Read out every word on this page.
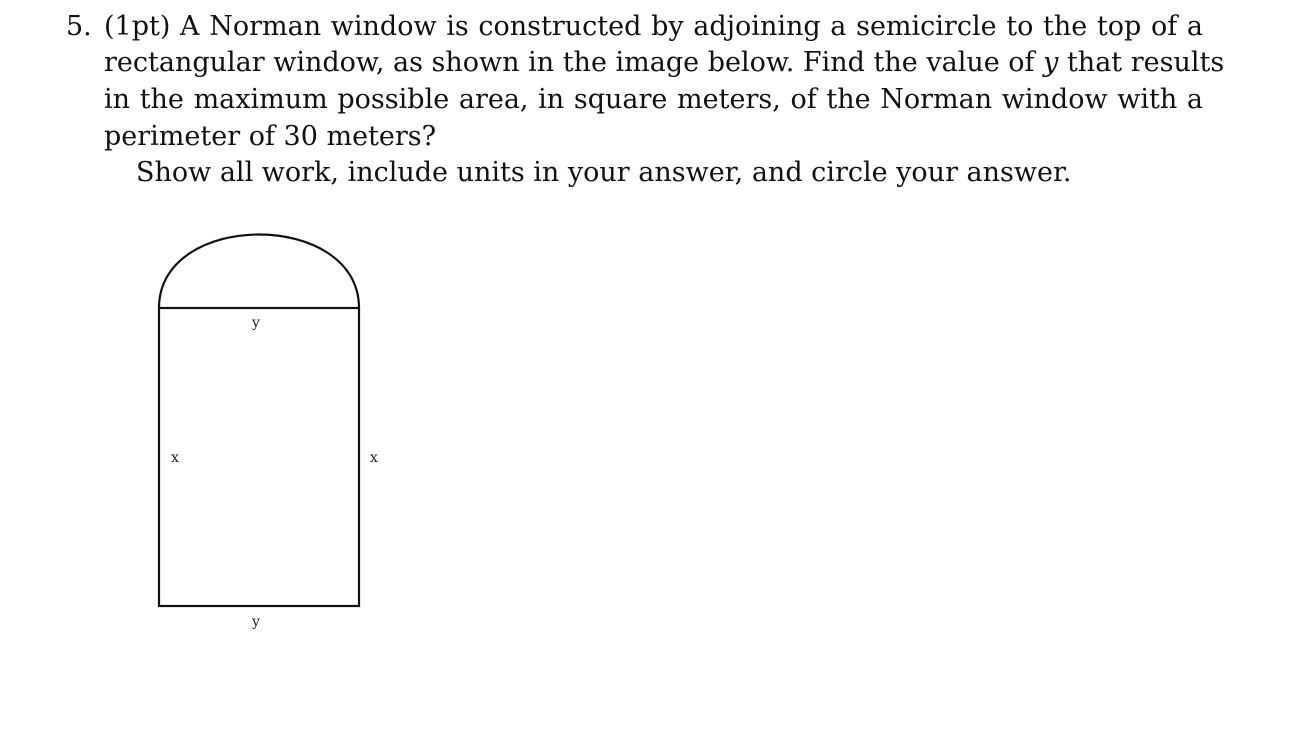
5. (1pt) A Norman window is constructed by adjoining a semicircle to the top of a
rectangular window, as shown in the image below. Find the value of y that results
in the maximum possible area, in square meters, of the Norman window with a
perimeter of 30 meters?
Show all work, include units in your answer, and circle your answer.
y
x	x
y
